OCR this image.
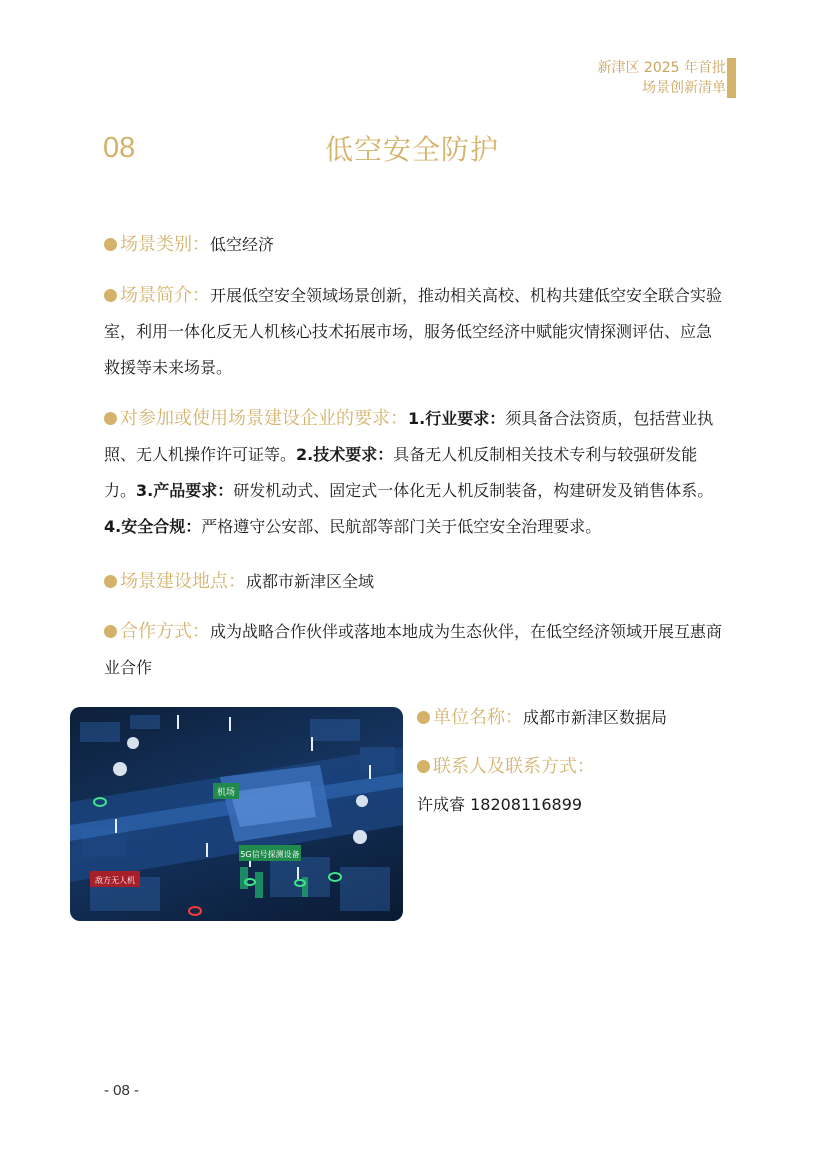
新津区 2025 年首批
场景创新清单
08	低空安全防护
场景类别：低空经济
场景简介：开展低空安全领域场景创新，推动相关高校、机构共建低空安全联合实验室，利用一体化反无人机核心技术拓展市场，服务低空经济中赋能灾情探测评估、应急救援等未来场景。
对参加或使用场景建设企业的要求：1.行业要求：须具备合法资质，包括营业执照、无人机操作许可证等。2.技术要求：具备无人机反制相关技术专利与较强研发能力。3.产品要求：研发机动式、固定式一体化无人机反制装备，构建研发及销售体系。4.安全合规：严格遵守公安部、民航部等部门关于低空安全治理要求。
场景建设地点：成都市新津区全域
合作方式：成为战略合作伙伴或落地本地成为生态伙伴，在低空经济领域开展互惠商业合作
机场
5G信号探测设备
敌方无人机
单位名称：成都市新津区数据局
联系人及联系方式：
许成睿 18208116899
- 08 -
